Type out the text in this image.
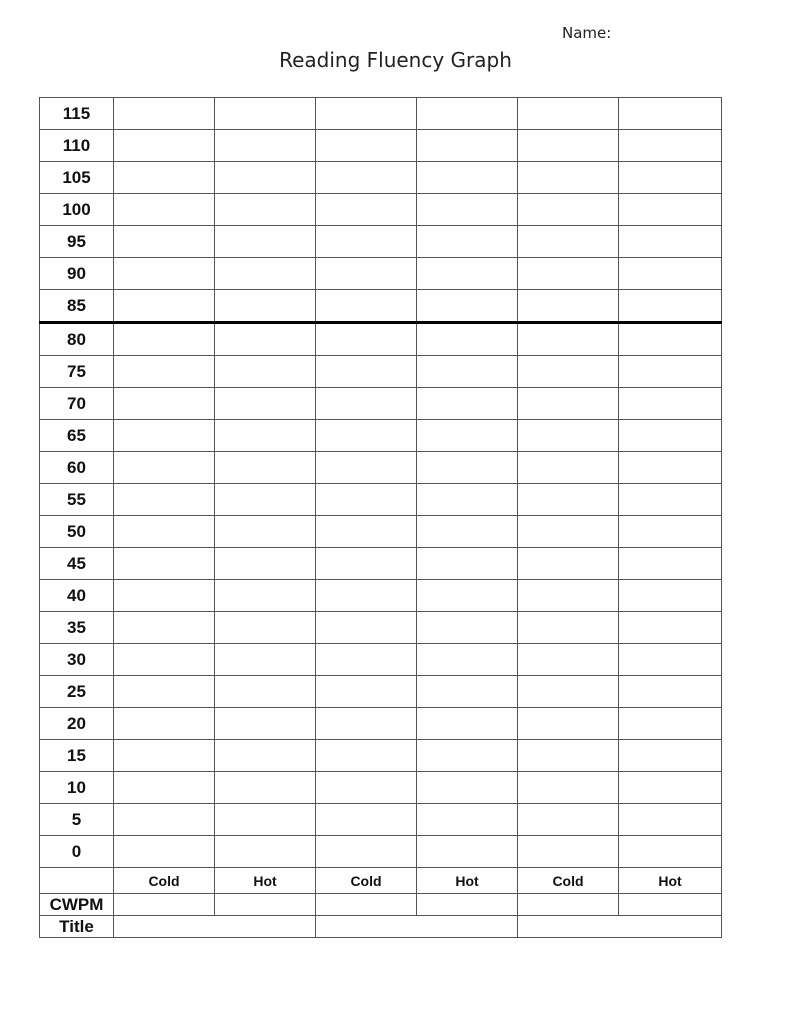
Name:
Reading Fluency Graph
115						
110						
105						
100						
95						
90						
85						
80						
75						
70						
65						
60						
55						
50						
45						
40						
35						
30						
25						
20						
15						
10						
5						
0						
	Cold	Hot	Cold	Hot	Cold	Hot
CWPM						
Title						
